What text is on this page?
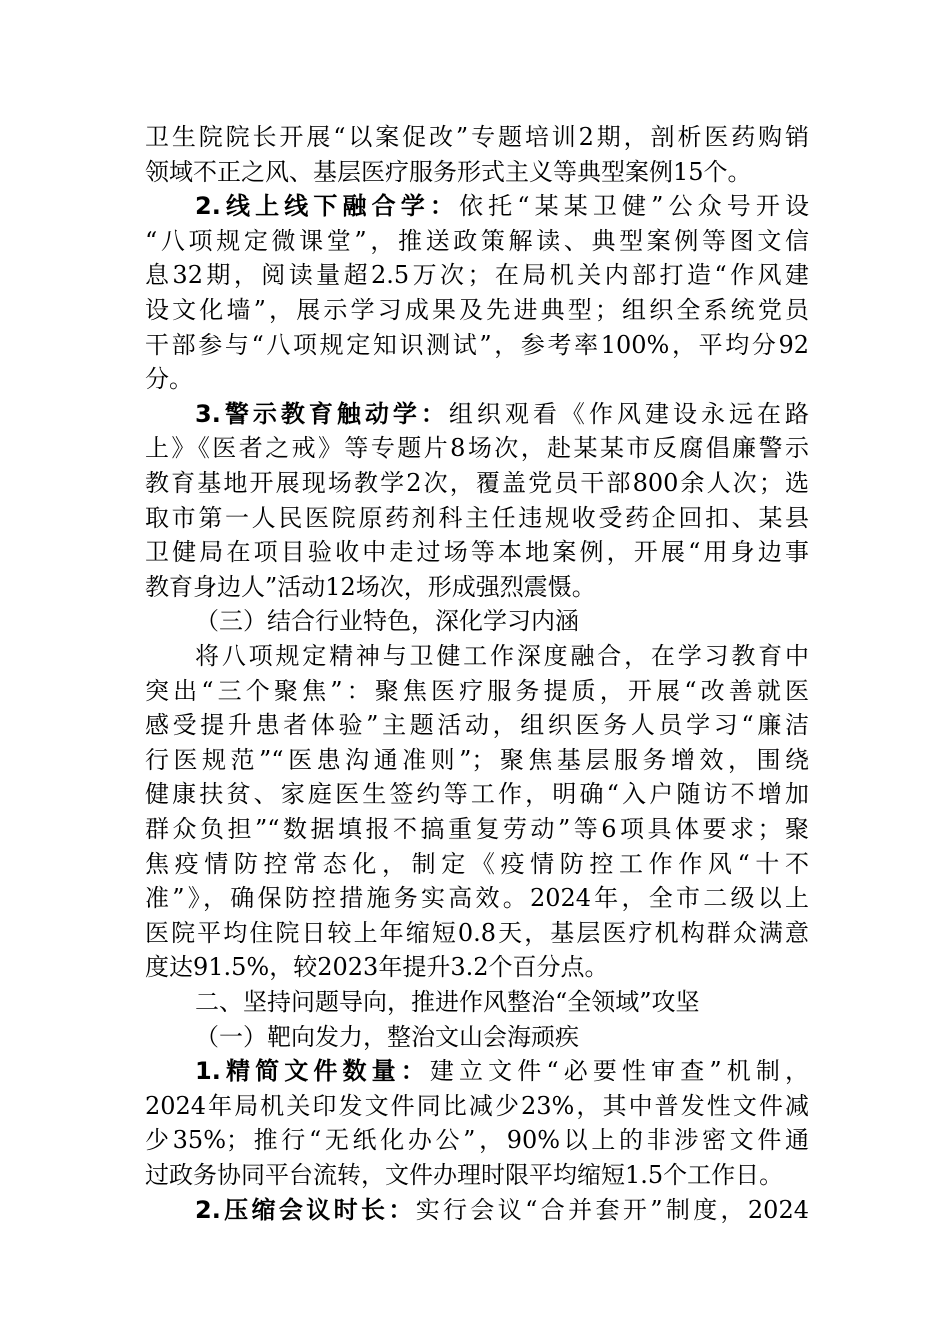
卫生院院长开展“以案促改”专题培训2期，剖析医药购销
领域不正之风、基层医疗服务形式主义等典型案例15个。
2.线上线下融合学：依托“某某卫健”公众号开设
“八项规定微课堂”，推送政策解读、典型案例等图文信
息32期，阅读量超2.5万次；在局机关内部打造“作风建
设文化墙”，展示学习成果及先进典型；组织全系统党员
干部参与“八项规定知识测试”，参考率100%，平均分92
分。
3.警示教育触动学：组织观看《作风建设永远在路
上》《医者之戒》等专题片8场次，赴某某市反腐倡廉警示
教育基地开展现场教学2次，覆盖党员干部800余人次；选
取市第一人民医院原药剂科主任违规收受药企回扣、某县
卫健局在项目验收中走过场等本地案例，开展“用身边事
教育身边人”活动12场次，形成强烈震慑。
（三）结合行业特色，深化学习内涵
将八项规定精神与卫健工作深度融合，在学习教育中
突出“三个聚焦”：聚焦医疗服务提质，开展“改善就医
感受提升患者体验”主题活动，组织医务人员学习“廉洁
行医规范”“医患沟通准则”；聚焦基层服务增效，围绕
健康扶贫、家庭医生签约等工作，明确“入户随访不增加
群众负担”“数据填报不搞重复劳动”等6项具体要求；聚
焦疫情防控常态化，制定《疫情防控工作作风“十不
准”》，确保防控措施务实高效。2024年，全市二级以上
医院平均住院日较上年缩短0.8天，基层医疗机构群众满意
度达91.5%，较2023年提升3.2个百分点。
二、坚持问题导向，推进作风整治“全领域”攻坚
（一）靶向发力，整治文山会海顽疾
1.精简文件数量：建立文件“必要性审查”机制，
2024年局机关印发文件同比减少23%，其中普发性文件减
少35%；推行“无纸化办公”，90%以上的非涉密文件通
过政务协同平台流转，文件办理时限平均缩短1.5个工作日。
2.压缩会议时长：实行会议“合并套开”制度，2024
